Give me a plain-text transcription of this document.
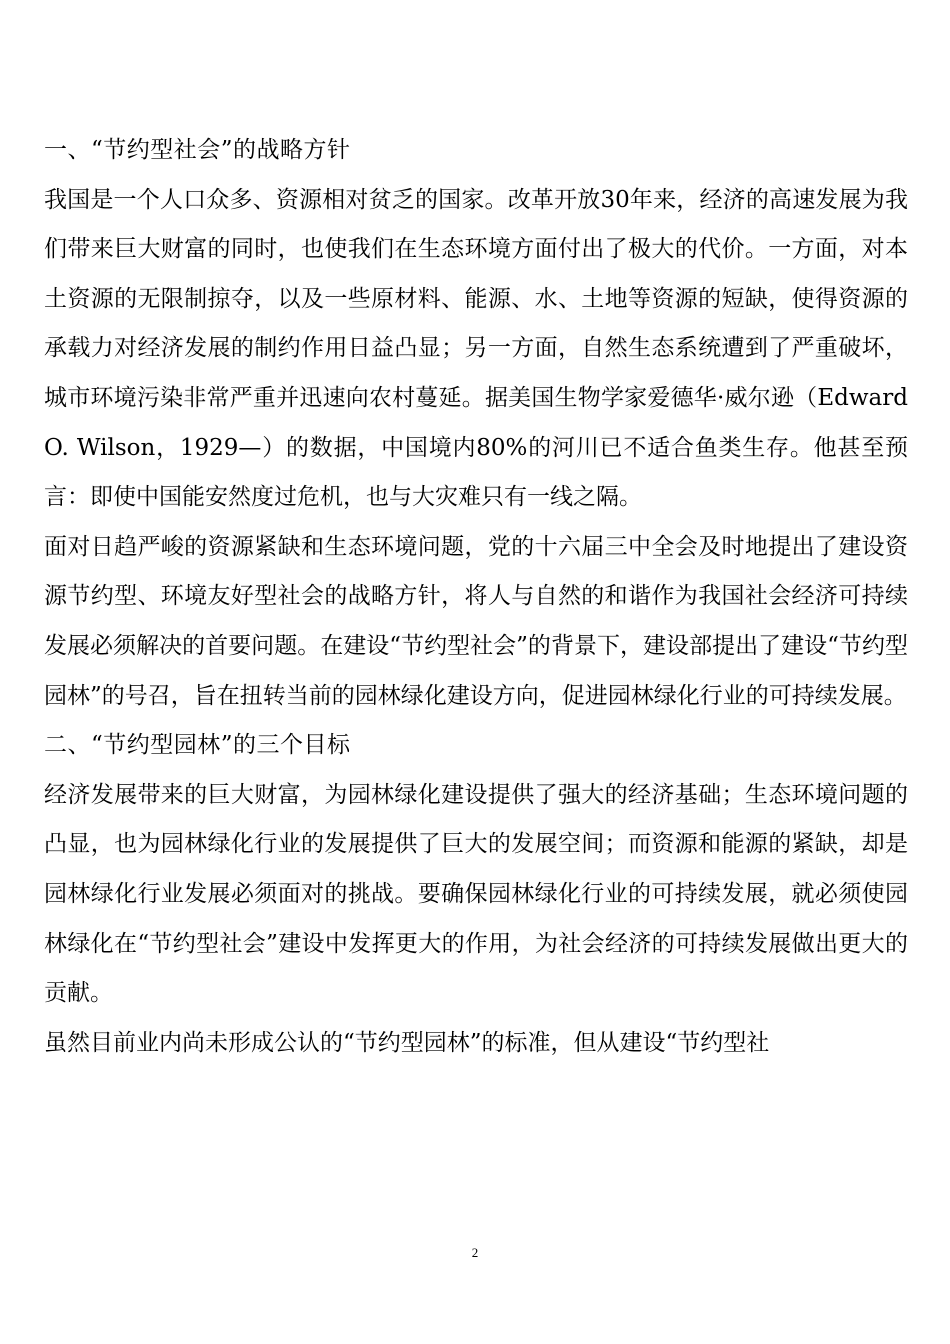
一、“节约型社会”的战略方针

我国是一个人口众多、资源相对贫乏的国家。改革开放30年来，经济的高速发展为我们带来巨大财富的同时，也使我们在生态环境方面付出了极大的代价。一方面，对本土资源的无限制掠夺，以及一些原材料、能源、水、土地等资源的短缺，使得资源的承载力对经济发展的制约作用日益凸显；另一方面，自然生态系统遭到了严重破坏，城市环境污染非常严重并迅速向农村蔓延。据美国生物学家爱德华·威尔逊（Edward O. Wilson，1929—）的数据，中国境内80%的河川已不适合鱼类生存。他甚至预言：即使中国能安然度过危机，也与大灾难只有一线之隔。

面对日趋严峻的资源紧缺和生态环境问题，党的十六届三中全会及时地提出了建设资源节约型、环境友好型社会的战略方针，将人与自然的和谐作为我国社会经济可持续发展必须解决的首要问题。在建设“节约型社会”的背景下，建设部提出了建设“节约型园林”的号召，旨在扭转当前的园林绿化建设方向，促进园林绿化行业的可持续发展。

二、“节约型园林”的三个目标

经济发展带来的巨大财富，为园林绿化建设提供了强大的经济基础；生态环境问题的凸显，也为园林绿化行业的发展提供了巨大的发展空间；而资源和能源的紧缺，却是园林绿化行业发展必须面对的挑战。要确保园林绿化行业的可持续发展，就必须使园林绿化在“节约型社会”建设中发挥更大的作用，为社会经济的可持续发展做出更大的贡献。

虽然目前业内尚未形成公认的“节约型园林”的标准，但从建设“节约型社

2
